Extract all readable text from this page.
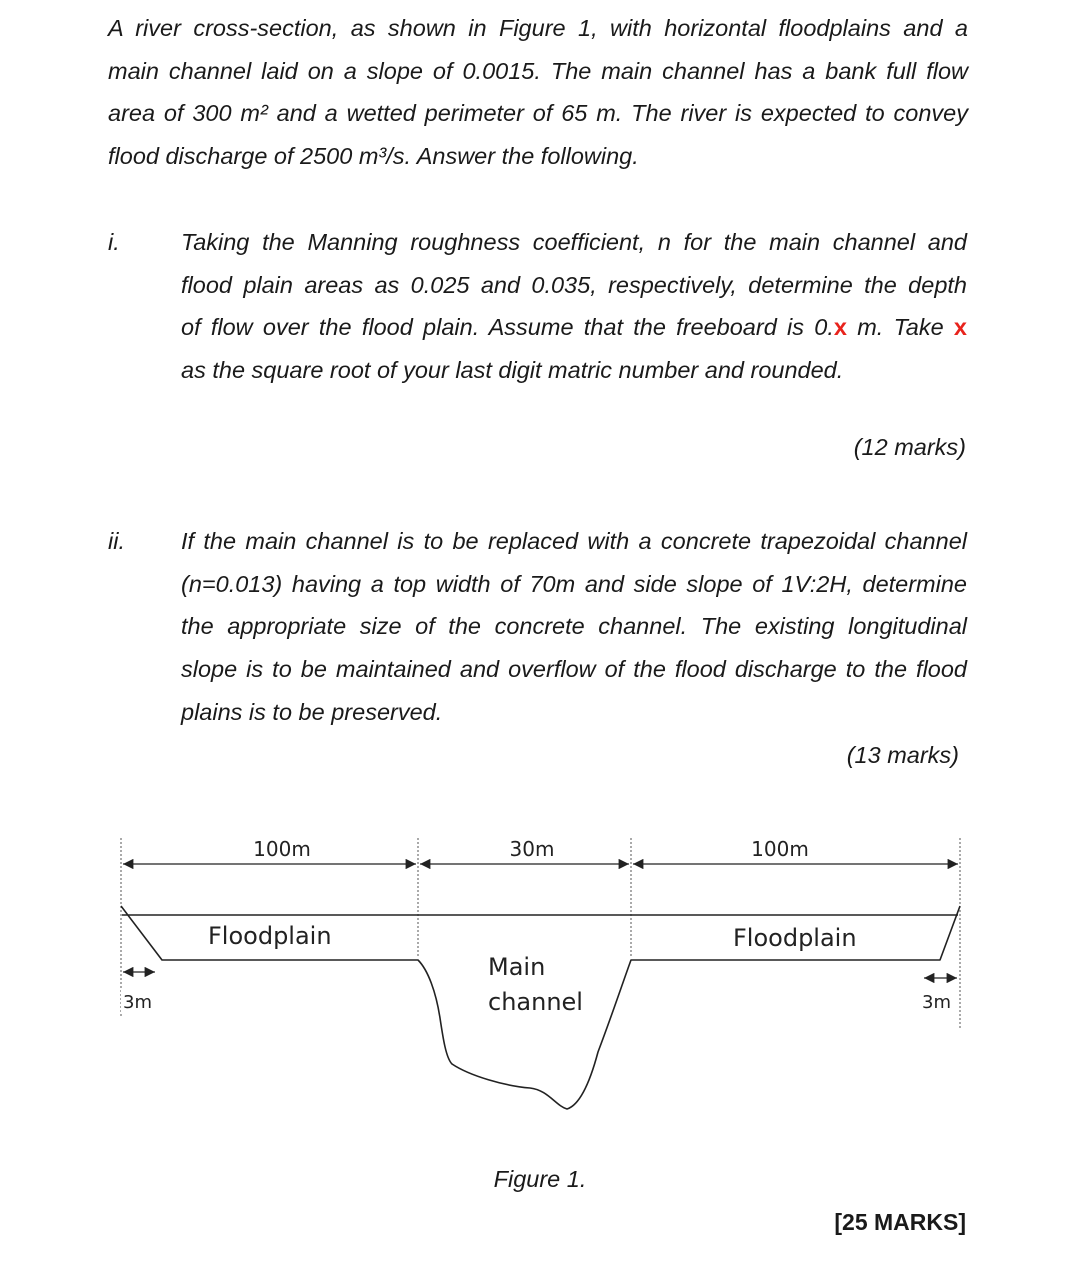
A river cross-section, as shown in Figure 1, with horizontal floodplains and a
main channel laid on a slope of 0.0015. The main channel has a bank full flow
area of 300 m² and a wetted perimeter of 65 m. The river is expected to convey
flood discharge of 2500 m³/s. Answer the following.
i.	Taking the Manning roughness coefficient, n for the main channel and
flood plain areas as 0.025 and 0.035, respectively, determine the depth
of flow over the flood plain. Assume that the freeboard is 0.x m. Take x
as the square root of your last digit matric number and rounded.
(12 marks)
ii. If the main channel is to be replaced with a concrete trapezoidal channel
(n=0.013) having a top width of 70m and side slope of 1V:2H, determine
the appropriate size of the concrete channel. The existing longitudinal
slope is to be maintained and overflow of the flood discharge to the flood
plains is to be preserved.
(13 marks)
100m	30m	100m
3m	3m
Floodplain	Floodplain
Main
channel
Figure 1.
[25 MARKS]
